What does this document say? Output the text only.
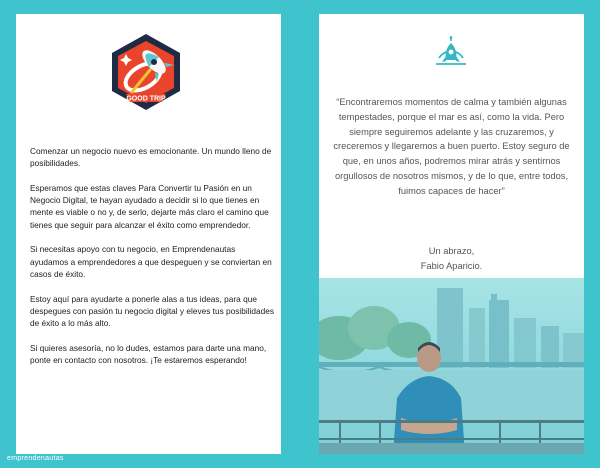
GOOD TRIP

Comenzar un negocio nuevo es emocionante. Un mundo lleno de posibilidades.

Esperamos que estas claves Para Convertir tu Pasión en un Negocio Digital, te hayan ayudado a decidir si lo que tienes en mente es viable o no y, de serlo, dejarte más claro el camino que tienes que seguir para alcanzar el éxito como emprendedor.

Si necesitas apoyo con tu negocio, en Emprendenautas ayudamos a emprendedores a que despeguen y se conviertan en casos de éxito.

Estoy aquí para ayudarte a ponerle alas a tus ideas, para que despegues con pasión tu negocio digital y eleves tus posibilidades de éxito a lo más alto.

Si quieres asesoría, no lo dudes, estamos para darte una mano, ponte en contacto con nosotros. ¡Te estaremos esperando!

“Encontraremos momentos de calma y también algunas tempestades, porque el mar es así, como la vida. Pero siempre seguiremos adelante y las cruzaremos, y creceremos y llegaremos a buen puerto. Estoy seguro de que, en unos años, podremos mirar atrás y sentirnos orgullosos de nosotros mismos, y de lo que, entre todos, fuimos capaces de hacer”
Un abrazo,
Fabio Aparicio.
emprendenautas
